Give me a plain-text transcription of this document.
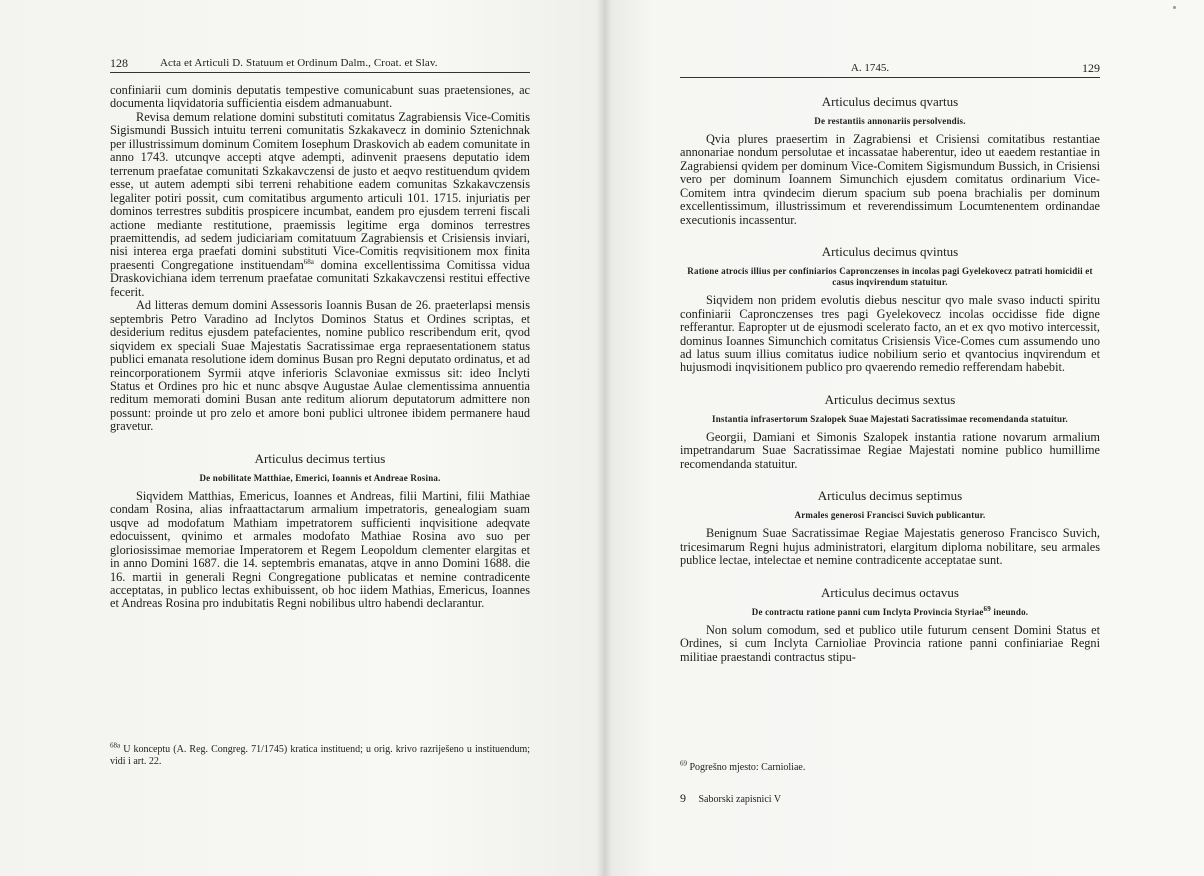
128	Acta et Articuli D. Statuum et Ordinum Dalm., Croat. et Slav.

confiniarii cum dominis deputatis tempestive comunicabunt suas praetensiones, ac documenta liqvidatoria sufficientia eisdem admanuabunt.

Revisa demum relatione domini substituti comitatus Zagrabiensis Vice-Comitis Sigismundi Bussich intuitu terreni comunitatis Szkakavecz in dominio Sztenichnak per illustrissimum dominum Comitem Iosephum Draskovich ab eadem comunitate in anno 1743. utcunqve accepti atqve adempti, adinvenit praesens deputatio idem terrenum praefatae comunitati Szkakavczensi de justo et aeqvo restituendum qvidem esse, ut autem adempti sibi terreni rehabitione eadem comunitas Szkakavczensis legaliter potiri possit, cum comitatibus argumento articuli 101. 1715. injuriatis per dominos terrestres subditis prospicere incumbat, eandem pro ejusdem terreni fiscali actione mediante restitutione, praemissis legitime erga dominos terrestres praemittendis, ad sedem judiciariam comitatuum Zagrabiensis et Crisiensis inviari, nisi interea erga praefati domini substituti Vice-Comitis reqvisitionem mox finita praesenti Congregatione instituendam$^{68a}$ domina excellentissima Comitissa vidua Draskovichiana idem terrenum praefatae comunitati Szkakavczensi restitui effective fecerit.

Ad litteras demum domini Assessoris Ioannis Busan de 26. praeterlapsi mensis septembris Petro Varadino ad Inclytos Dominos Status et Ordines scriptas, et desiderium reditus ejusdem patefacientes, nomine publico rescribendum erit, qvod siqvidem ex speciali Suae Majestatis Sacratissimae erga repraesentationem status publici emanata resolutione idem dominus Busan pro Regni deputato ordinatus, et ad reincorporationem Syrmii atqve inferioris Sclavoniae exmissus sit: ideo Inclyti Status et Ordines pro hic et nunc absqve Augustae Aulae clementissima annuentia reditum memorati domini Busan ante reditum aliorum deputatorum admittere non possunt: proinde ut pro zelo et amore boni publici ultronee ibidem permanere haud gravetur.

Articulus decimus tertius

De nobilitate Matthiae, Emerici, Ioannis et Andreae Rosina.

Siqvidem Matthias, Emericus, Ioannes et Andreas, filii Martini, filii Mathiae condam Rosina, alias infraattactarum armalium impetratoris, genealogiam suam usqve ad modofatum Mathiam impetratorem sufficienti inqvisitione adeqvate edocuissent, qvinimo et armales modofato Mathiae Rosina avo suo per gloriosissimae memoriae Imperatorem et Regem Leopoldum clementer elargitas et in anno Domini 1687. die 14. septembris emanatas, atqve in anno Domini 1688. die 16. martii in generali Regni Congregatione publicatas et nemine contradicente acceptatas, in publico lectas exhibuissent, ob hoc iidem Mathias, Emericus, Ioannes et Andreas Rosina pro indubitatis Regni nobilibus ultro habendi declarantur.

$^{68a}$ U konceptu (A. Reg. Congreg. 71/1745) kratica instituend; u orig. krivo razriješeno u instituendum; vidi i art. 22.

A. 1745.	129

Articulus decimus qvartus

De restantiis annonariis persolvendis.

Qvia plures praesertim in Zagrabiensi et Crisiensi comitatibus restantiae annonariae nondum persolutae et incassatae haberentur, ideo ut eaedem restantiae in Zagrabiensi qvidem per dominum Vice-Comitem Sigismundum Bussich, in Crisiensi vero per dominum Ioannem Simunchich ejusdem comitatus ordinarium Vice-Comitem intra qvindecim dierum spacium sub poena brachialis per dominum excellentissimum, illustrissimum et reverendissimum Locumtenentem ordinandae executionis incassentur.

Articulus decimus qvintus

Ratione atrocis illius per confiniarios Capronczenses in incolas pagi Gyelekovecz patrati homicidii et casus inqvirendum statuitur.

Siqvidem non pridem evolutis diebus nescitur qvo male svaso inducti spiritu confiniarii Capronczenses tres pagi Gyelekovecz incolas occidisse fide digne refferantur. Eapropter ut de ejusmodi scelerato facto, an et ex qvo motivo intercessit, dominus Ioannes Simunchich comitatus Crisiensis Vice-Comes cum assumendo uno ad latus suum illius comitatus iudice nobilium serio et qvantocius inqvirendum et hujusmodi inqvisitionem publico pro qvaerendo remedio refferendam habebit.

Articulus decimus sextus

Instantia infrasertorum Szalopek Suae Majestati Sacratissimae recomendanda statuitur.

Georgii, Damiani et Simonis Szalopek instantia ratione novarum armalium impetrandarum Suae Sacratissimae Regiae Majestati nomine publico humillime recomendanda statuitur.

Articulus decimus septimus

Armales generosi Francisci Suvich publicantur.

Benignum Suae Sacratissimae Regiae Majestatis generoso Francisco Suvich, tricesimarum Regni hujus administratori, elargitum diploma nobilitare, seu armales publice lectae, intelectae et nemine contradicente acceptatae sunt.

Articulus decimus octavus

De contractu ratione panni cum Inclyta Provincia Styriae$^{69}$ ineundo.

Non solum comodum, sed et publico utile futurum censent Domini Status et Ordines, si cum Inclyta Carnioliae Provincia ratione panni confiniariae Regni militiae praestandi contractus stipu-

$^{69}$ Pogrešno mjesto: Carnioliae.

9 Saborski zapisnici V
